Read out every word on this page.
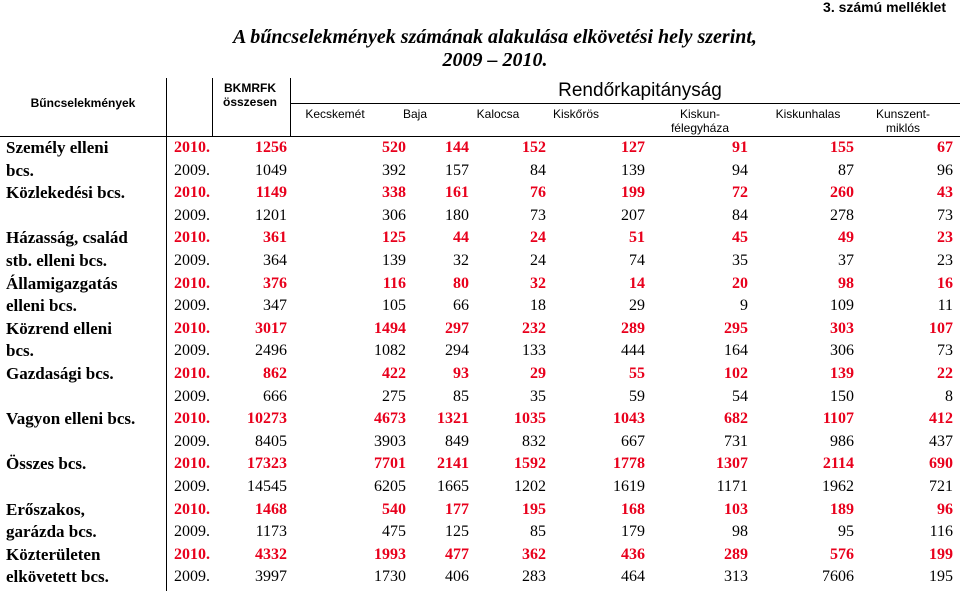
3. számú melléklet
A bűncselekmények számának alakulása elkövetési hely szerint,
2009 – 2010.
Bűncselekmények
BKMRFK
összesen
Rendőrkapitányság
Kecskemét	Baja	Kalocsa	Kiskőrös	Kiskun-
félegyháza
Kiskunhalas	Kunszent-
miklós
Személy elleni	2010.	1256	520	144	152	127	91	155	67
bcs.	2009.	1049	392	157	84	139	94	87	96
Közlekedési bcs.	2010.	1149	338	161	76	199	72	260	43
2009.	1201	306	180	73	207	84	278	73
Házasság, család	2010.	361	125	44	24	51	45	49	23
stb. elleni bcs.	2009.	364	139	32	24	74	35	37	23
Államigazgatás	2010.	376	116	80	32	14	20	98	16
elleni bcs.	2009.	347	105	66	18	29	9	109	11
Közrend elleni	2010.	3017	1494	297	232	289	295	303	107
bcs.	2009.	2496	1082	294	133	444	164	306	73
Gazdasági bcs.	2010.	862	422	93	29	55	102	139	22
2009.	666	275	85	35	59	54	150	8
Vagyon elleni bcs.	2010.	10273	4673	1321	1035	1043	682	1107	412
2009.	8405	3903	849	832	667	731	986	437
Összes bcs.	2010.	17323	7701	2141	1592	1778	1307	2114	690
2009.	14545	6205	1665	1202	1619	1171	1962	721
Erőszakos,	2010.	1468	540	177	195	168	103	189	96
garázda bcs.	2009.	1173	475	125	85	179	98	95	116
Közterületen	2010.	4332	1993	477	362	436	289	576	199
elkövetett bcs.	2009.	3997	1730	406	283	464	313	7606	195
